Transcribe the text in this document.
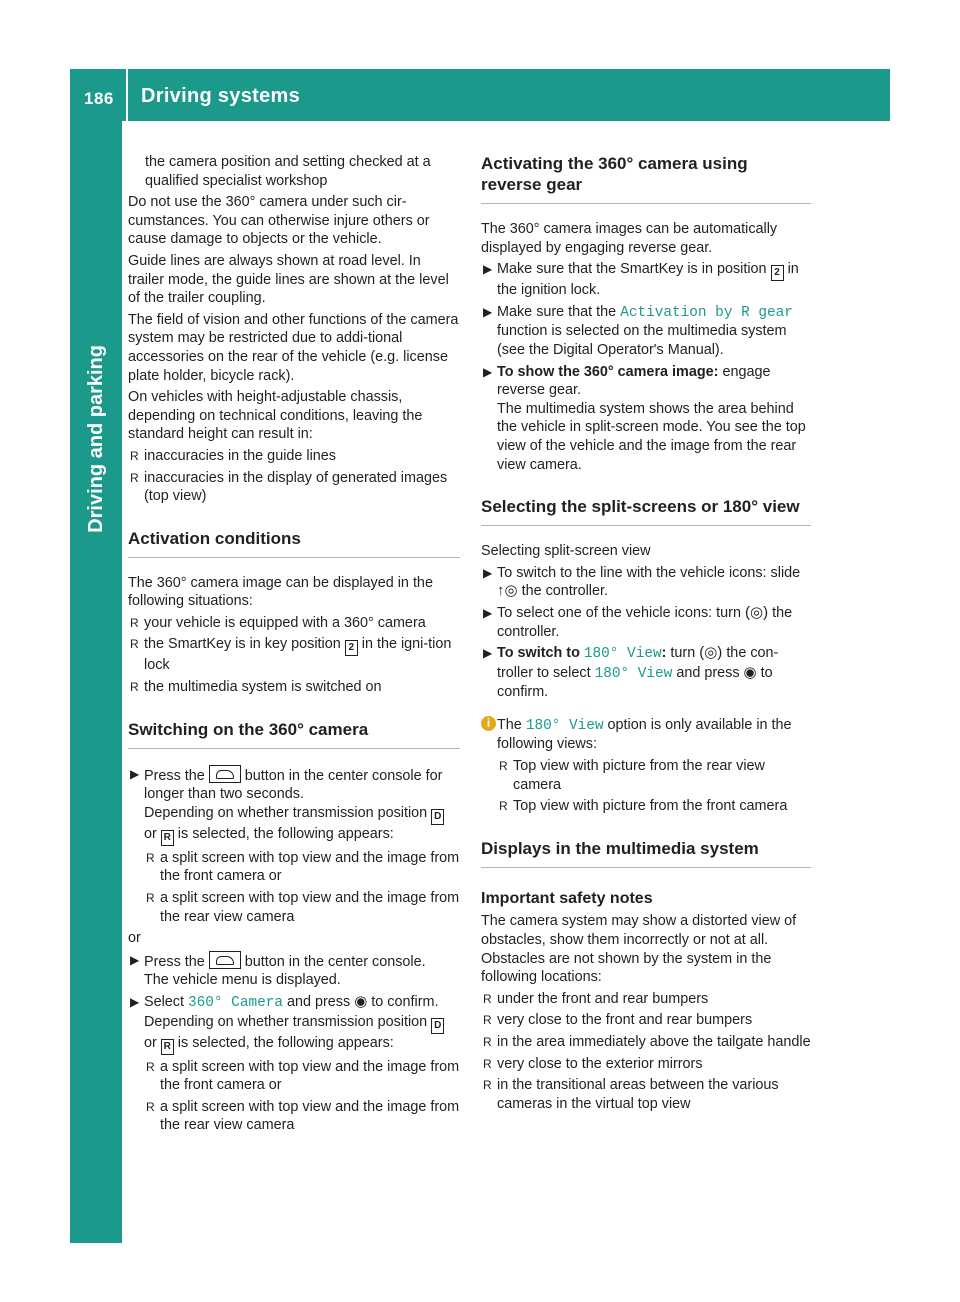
186 Driving systems
Driving and parking

the camera position and setting checked at a qualified specialist workshop

Do not use the 360° camera under such cir-cumstances. You can otherwise injure others or cause damage to objects or the vehicle.

Guide lines are always shown at road level. In trailer mode, the guide lines are shown at the level of the trailer coupling.

The field of vision and other functions of the camera system may be restricted due to addi-tional accessories on the rear of the vehicle (e.g. license plate holder, bicycle rack).

On vehicles with height-adjustable chassis, depending on technical conditions, leaving the standard height can result in:

R inaccuracies in the guide lines
R inaccuracies in the display of generated images (top view)
Activation conditions

The 360° camera image can be displayed in the following situations:

R your vehicle is equipped with a 360° camera
R the SmartKey is in key position 2 in the igni-tion lock
R the multimedia system is switched on
Switching on the 360° camera
▶ Press the	button in the center console for longer than two seconds.
Depending on whether transmission position D or R is selected, the following appears:
R a split screen with top view and the image from the front camera or
R a split screen with top view and the image from the rear view camera

or

▶ Press the	button in the center console.
The vehicle menu is displayed.
▶ Select 360° Camera and press ◉ to confirm.
Depending on whether transmission position D or R is selected, the following appears:
R a split screen with top view and the image from the front camera or
R a split screen with top view and the image from the rear view camera
Activating the 360° camera using reverse gear

The 360° camera images can be automatically displayed by engaging reverse gear.

▶ Make sure that the SmartKey is in position 2 in the ignition lock.
▶ Make sure that the Activation by R gear function is selected on the multimedia system (see the Digital Operator's Manual).
▶ To show the 360° camera image: engage reverse gear.
The multimedia system shows the area behind the vehicle in split-screen mode. You see the top view of the vehicle and the image from the rear view camera.
Selecting the split-screens or 180° view

Selecting split-screen view

▶ To switch to the line with the vehicle icons: slide ↑◎ the controller.
▶ To select one of the vehicle icons: turn (◎) the controller.
▶ To switch to 180° View: turn (◎) the con-troller to select 180° View and press ◉ to confirm.
i The 180° View option is only available in the following views:
R Top view with picture from the rear view camera
R Top view with picture from the front camera
Displays in the multimedia system
Important safety notes

The camera system may show a distorted view of obstacles, show them incorrectly or not at all. Obstacles are not shown by the system in the following locations:

R under the front and rear bumpers
R very close to the front and rear bumpers
R in the area immediately above the tailgate handle
R very close to the exterior mirrors
R in the transitional areas between the various cameras in the virtual top view
